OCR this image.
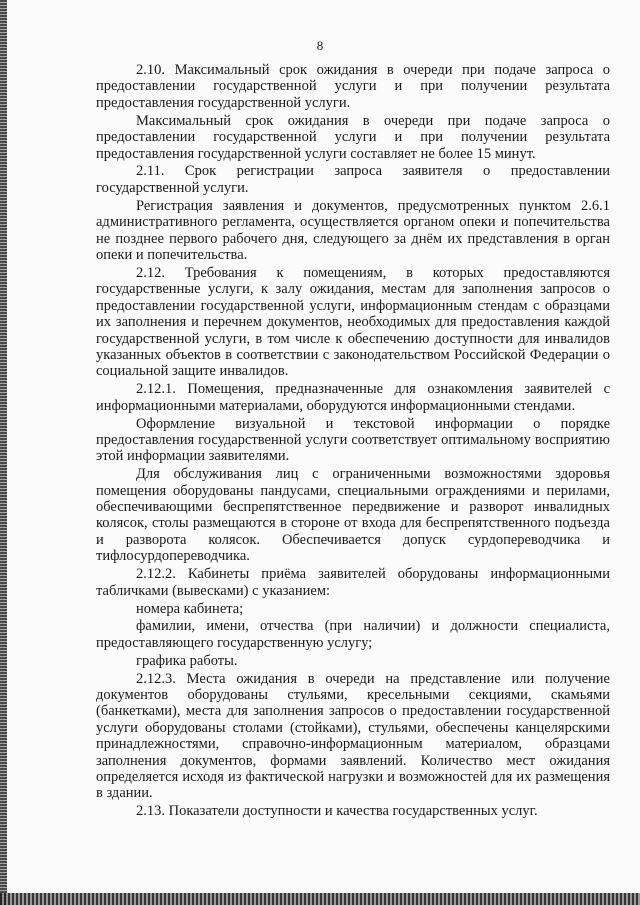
8

2.10. Максимальный срок ожидания в очереди при подаче запроса о предоставлении государственной услуги и при получении результата предоставления государственной услуги.

Максимальный срок ожидания в очереди при подаче запроса о предоставлении государственной услуги и при получении результата предоставления государственной услуги составляет не более 15 минут.

2.11. Срок регистрации запроса заявителя о предоставлении государственной услуги.

Регистрация заявления и документов, предусмотренных пунктом 2.6.1 административного регламента, осуществляется органом опеки и попечительства не позднее первого рабочего дня, следующего за днём их представления в орган опеки и попечительства.

2.12. Требования к помещениям, в которых предоставляются государственные услуги, к залу ожидания, местам для заполнения запросов о предоставлении государственной услуги, информационным стендам с образцами их заполнения и перечнем документов, необходимых для предоставления каждой государственной услуги, в том числе к обеспечению доступности для инвалидов указанных объектов в соответствии с законодательством Российской Федерации о социальной защите инвалидов.

2.12.1. Помещения, предназначенные для ознакомления заявителей с информационными материалами, оборудуются информационными стендами.

Оформление визуальной и текстовой информации о порядке предоставления государственной услуги соответствует оптимальному восприятию этой информации заявителями.

Для обслуживания лиц с ограниченными возможностями здоровья помещения оборудованы пандусами, специальными ограждениями и перилами, обеспечивающими беспрепятственное передвижение и разворот инвалидных колясок, столы размещаются в стороне от входа для беспрепятственного подъезда и разворота колясок. Обеспечивается допуск сурдопереводчика и тифлосурдопереводчика.

2.12.2. Кабинеты приёма заявителей оборудованы информационными табличками (вывесками) с указанием:

номера кабинета;

фамилии, имени, отчества (при наличии) и должности специалиста, предоставляющего государственную услугу;

графика работы.

2.12.3. Места ожидания в очереди на представление или получение документов оборудованы стульями, кресельными секциями, скамьями (банкетками), места для заполнения запросов о предоставлении государственной услуги оборудованы столами (стойками), стульями, обеспечены канцелярскими принадлежностями, справочно-информационным материалом, образцами заполнения документов, формами заявлений. Количество мест ожидания определяется исходя из фактической нагрузки и возможностей для их размещения в здании.

2.13. Показатели доступности и качества государственных услуг.
